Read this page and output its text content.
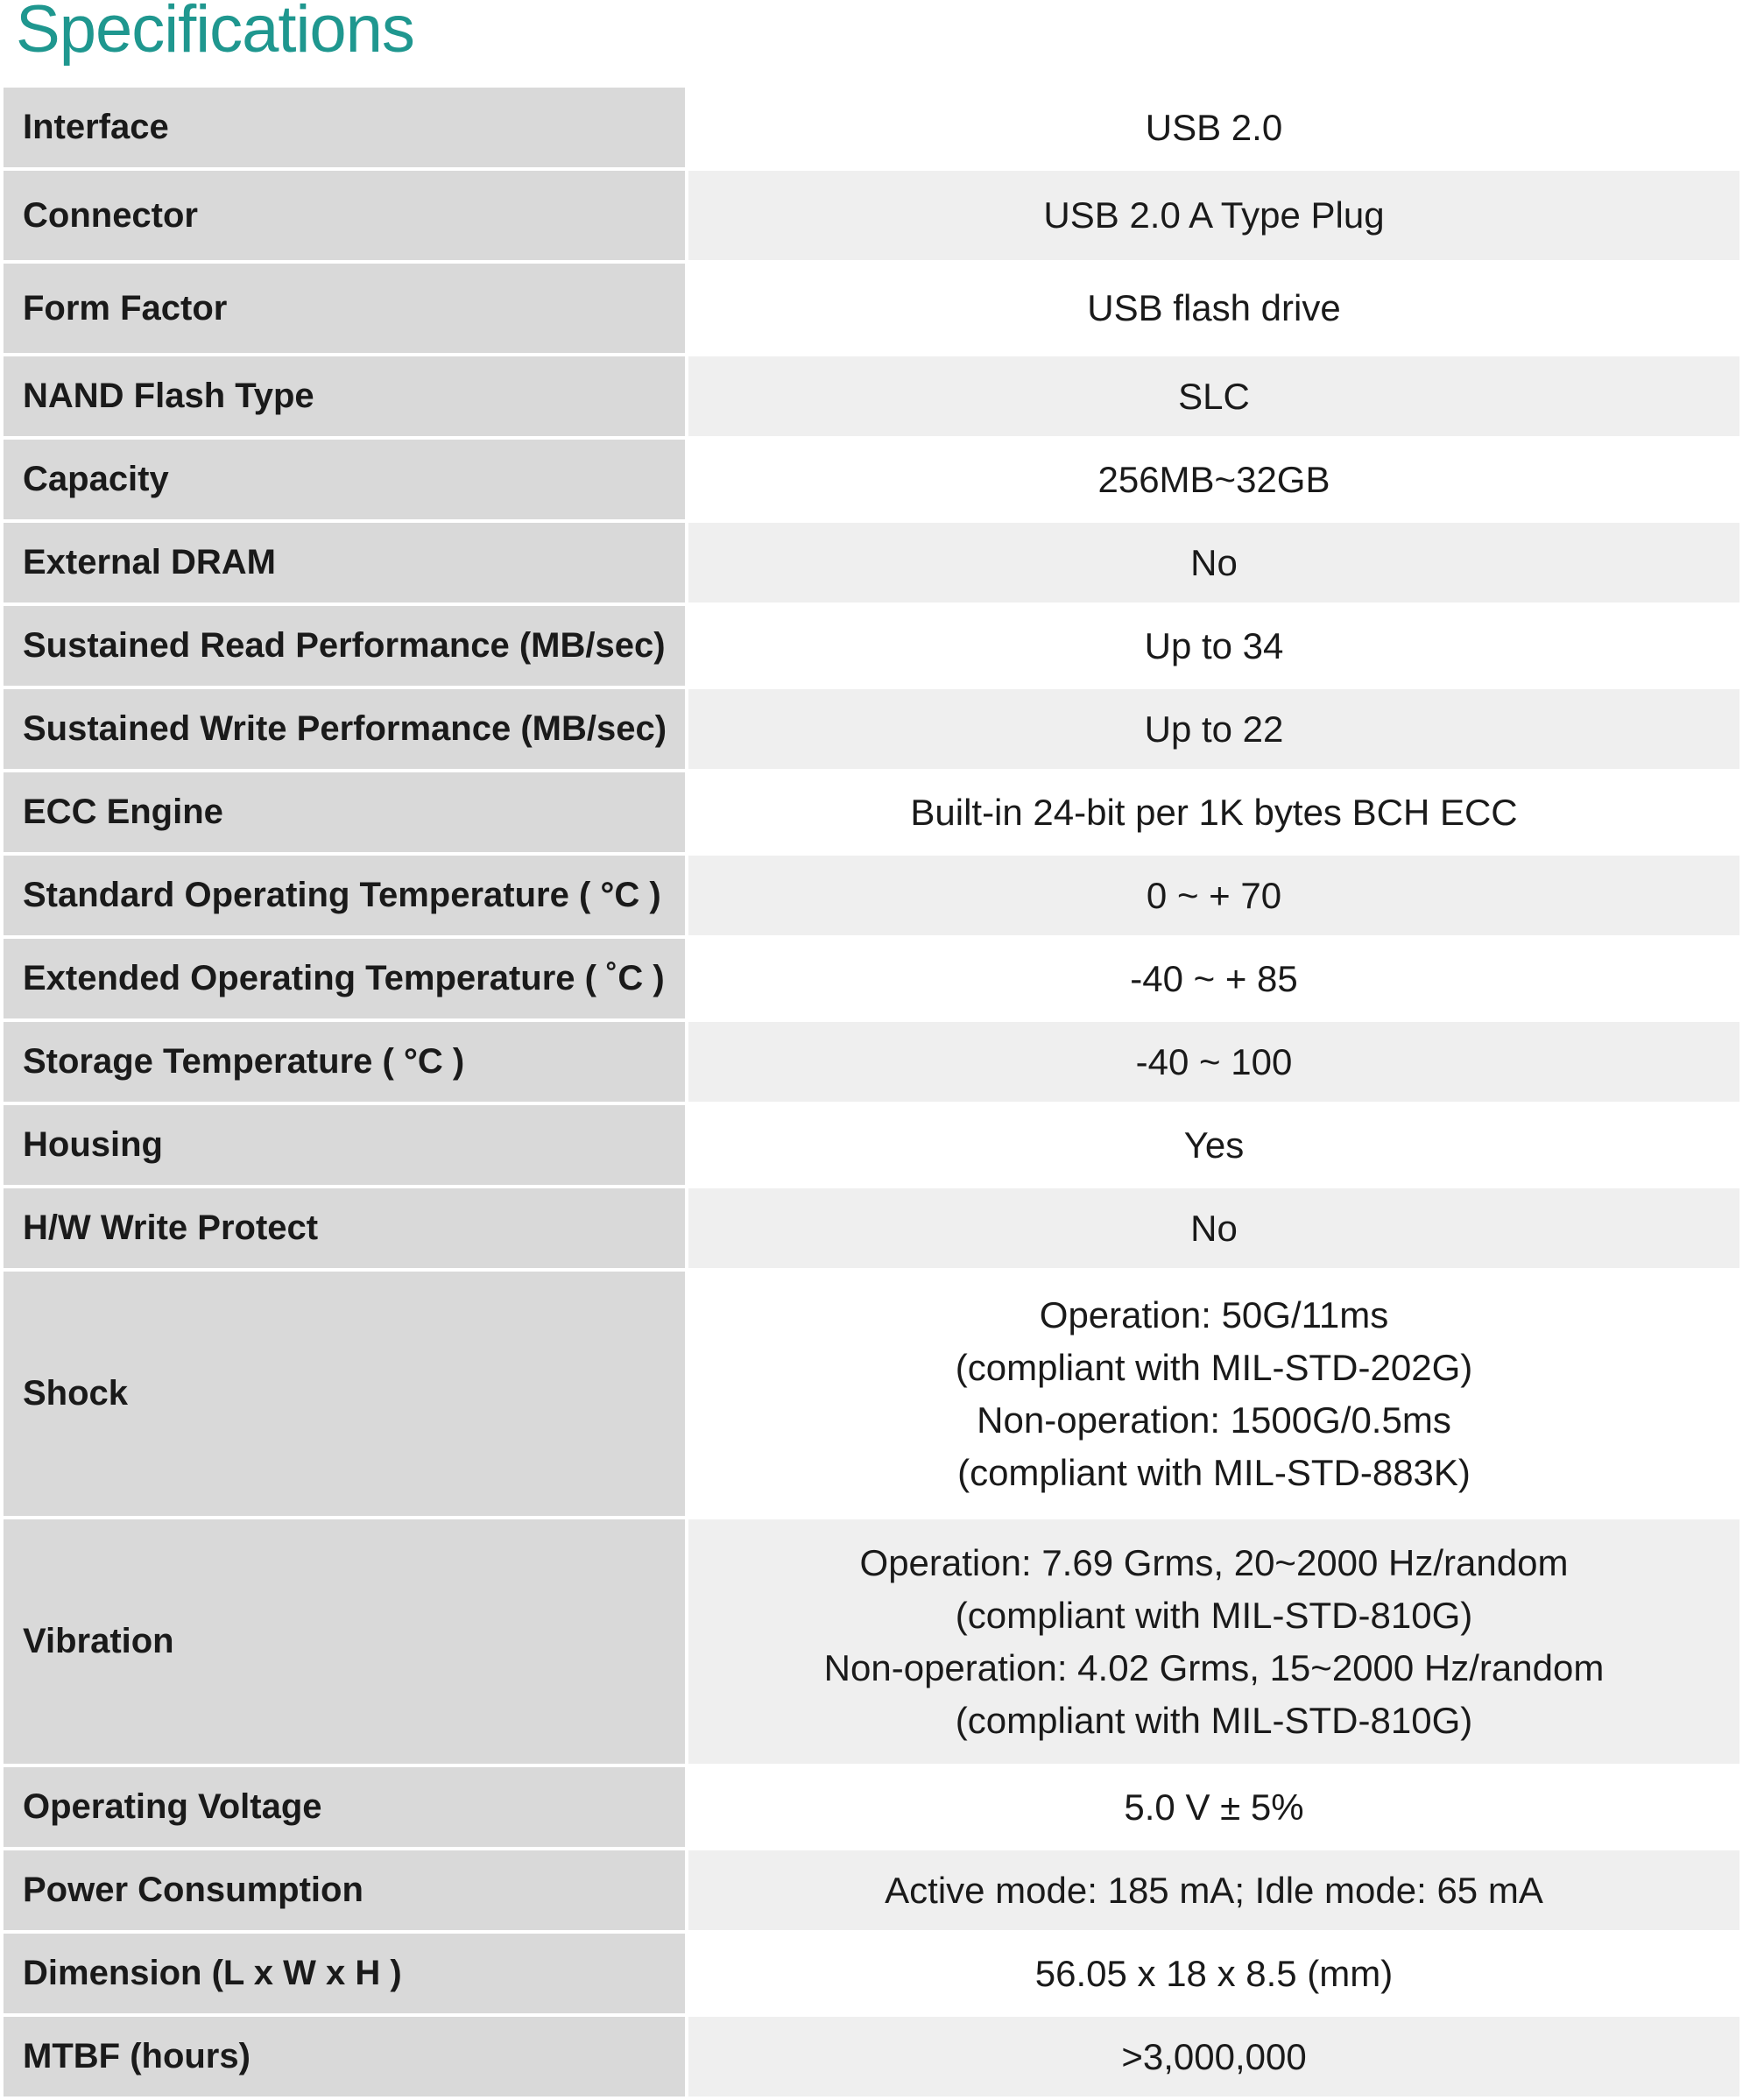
Specifications
Interface	USB 2.0
Connector	USB 2.0 A Type Plug
Form Factor	USB flash drive
NAND Flash Type	SLC
Capacity	256MB~32GB
External DRAM	No
Sustained Read Performance (MB/sec)	Up to 34
Sustained Write Performance (MB/sec)	Up to 22
ECC Engine	Built-in 24-bit per 1K bytes BCH ECC
Standard Operating Temperature ( °C )	0 ~ + 70
Extended Operating Temperature ( ˚C )	-40 ~ + 85
Storage Temperature ( °C )	-40 ~ 100
Housing	Yes
H/W Write Protect	No
Shock	Operation: 50G/11ms
(compliant with MIL-STD-202G)
Non-operation: 1500G/0.5ms
(compliant with MIL-STD-883K)

Vibration	Operation: 7.69 Grms, 20~2000 Hz/random
(compliant with MIL-STD-810G)
Non-operation: 4.02 Grms, 15~2000 Hz/random
(compliant with MIL-STD-810G)

Operating Voltage	5.0 V ± 5%
Power Consumption	Active mode: 185 mA; Idle mode: 65 mA
Dimension (L x W x H )	56.05 x 18 x 8.5 (mm)
MTBF (hours)	>3,000,000
